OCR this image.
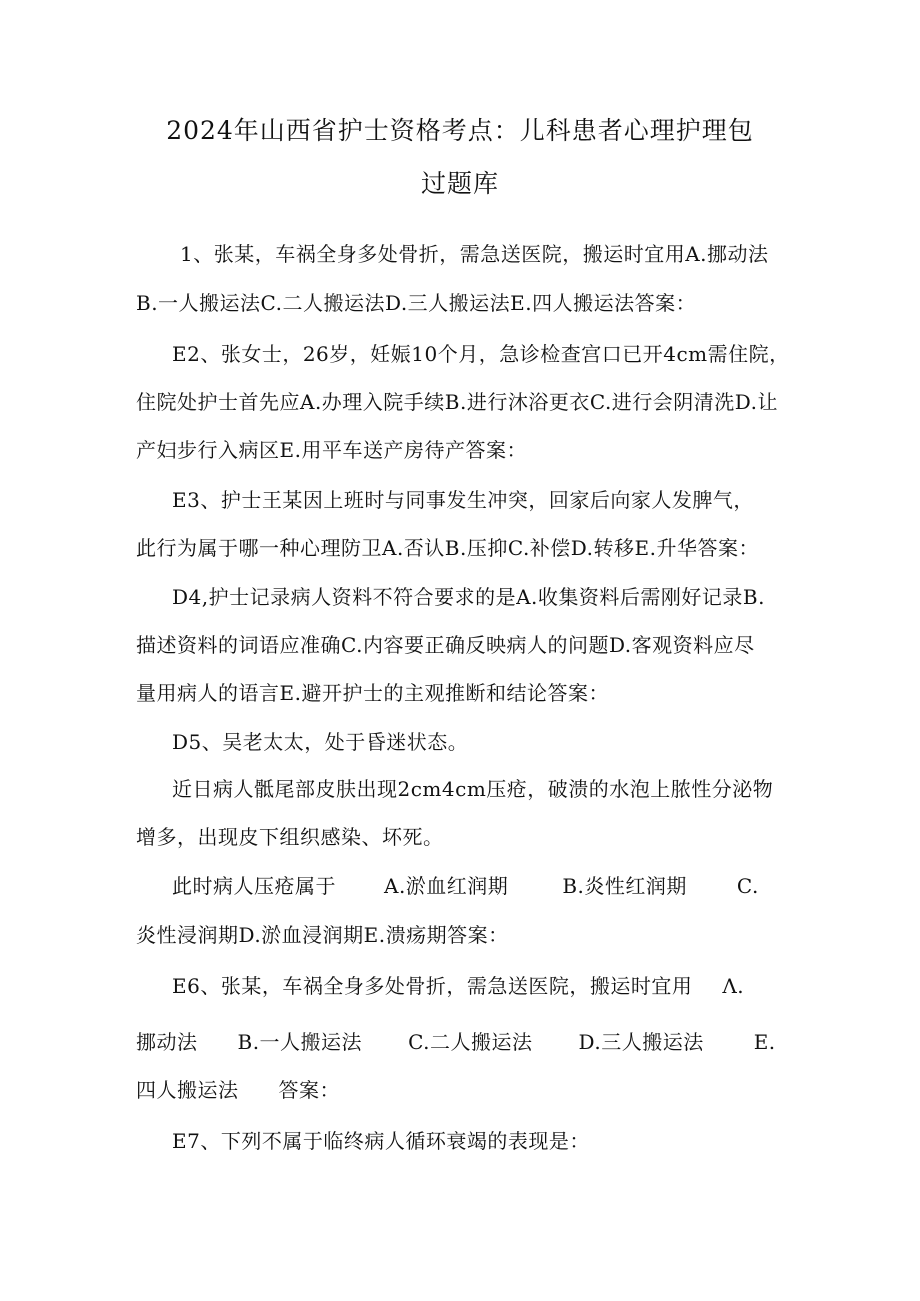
2024年山西省护士资格考点：儿科患者心理护理包
过题库
1、张某，车祸全身多处骨折，需急送医院，搬运时宜用A.挪动法
B.一人搬运法C.二人搬运法D.三人搬运法E.四人搬运法答案：
E2、张女士，26岁，妊娠10个月，急诊检查宫口已开4cm需住院，
住院处护士首先应A.办理入院手续B.进行沐浴更衣C.进行会阴清洗D.让
产妇步行入病区E.用平车送产房待产答案：
E3、护士王某因上班时与同事发生冲突，回家后向家人发脾气，
此行为属于哪一种心理防卫A.否认B.压抑C.补偿D.转移E.升华答案：
D4,护士记录病人资料不符合要求的是A.收集资料后需刚好记录B.
描述资料的词语应准确C.内容要正确反映病人的问题D.客观资料应尽
量用病人的语言E.避开护士的主观推断和结论答案：
D5、吴老太太，处于昏迷状态。
近日病人骶尾部皮肤出现2cm4cm压疮，破溃的水泡上脓性分泌物
增多，出现皮下组织感染、坏死。
此时病人压疮属于 A.淤血红润期	B.炎性红润期	C.
炎性浸润期D.淤血浸润期E.溃疡期答案：
E6、张某，车祸全身多处骨折，需急送医院，搬运时宜用 Λ.
挪动法 B.一人搬运法 C.二人搬运法 D.三人搬运法	E.
四人搬运法 答案：
E7、下列不属于临终病人循环衰竭的表现是：
